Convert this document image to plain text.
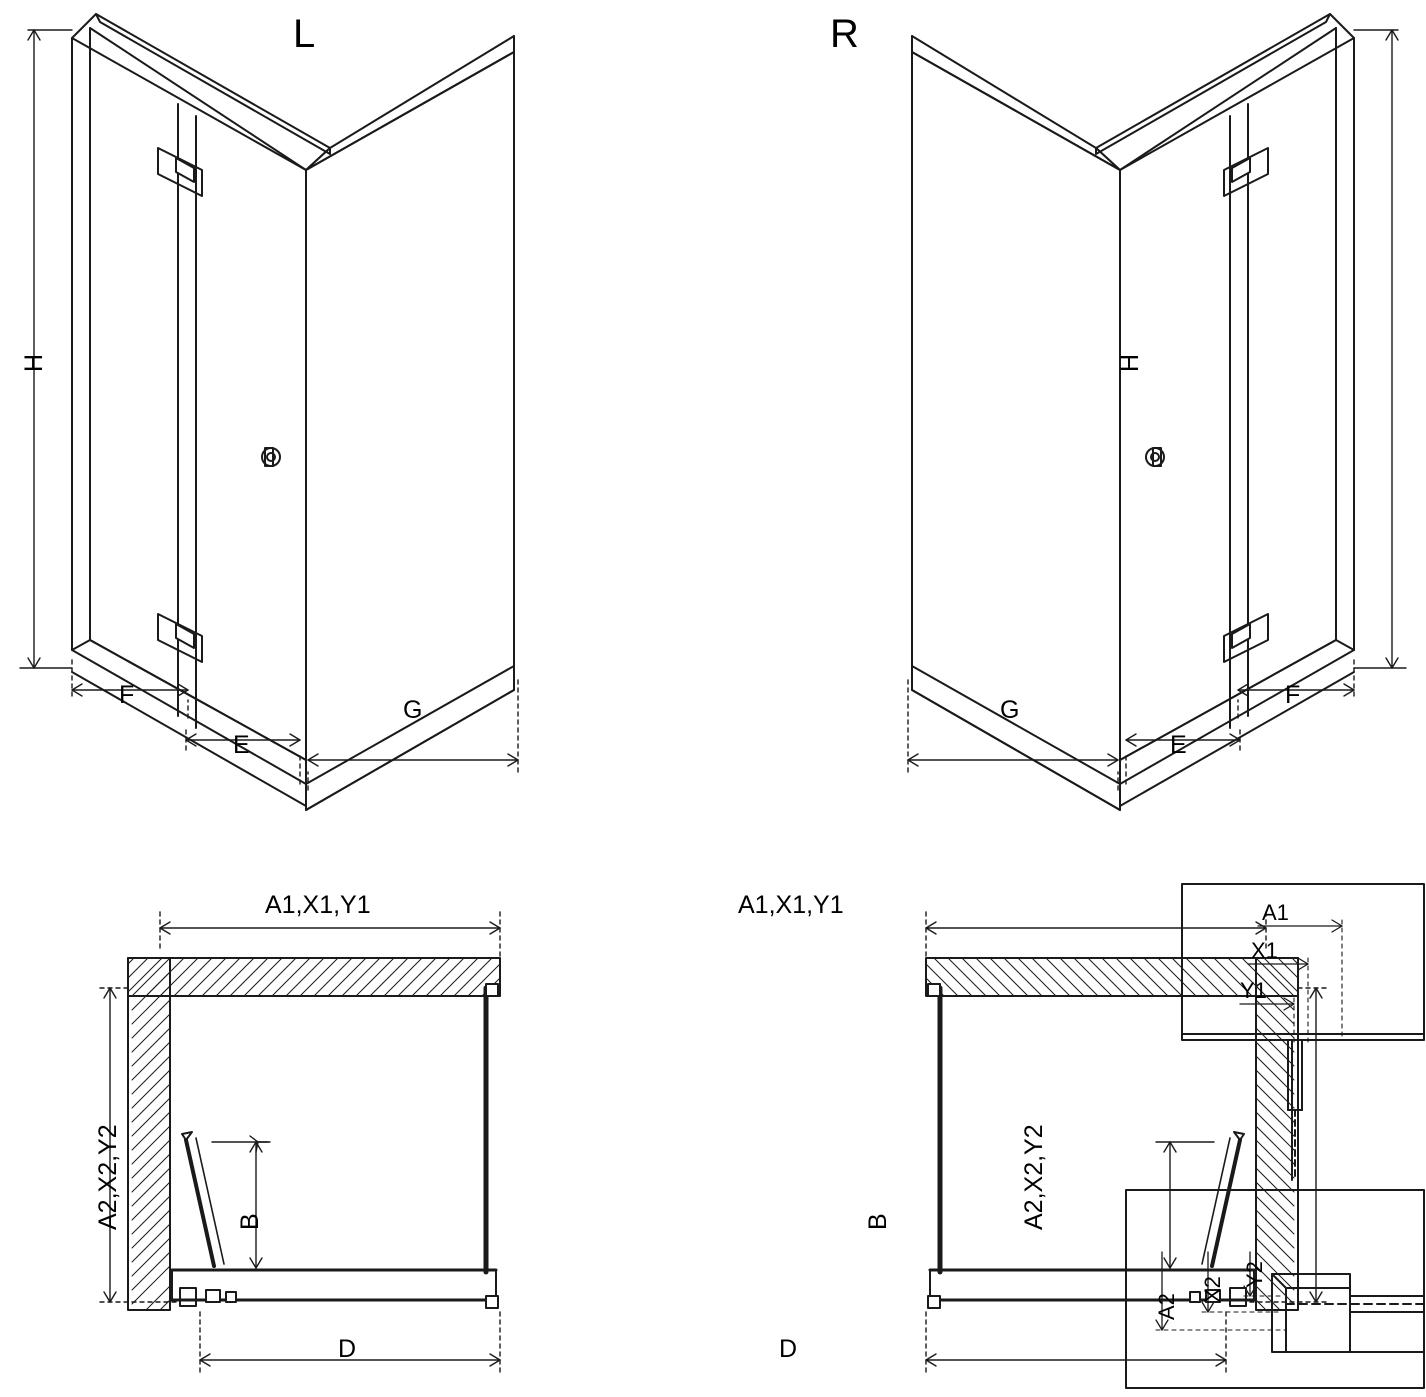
L	R
H	H
F
E
G
F
E
G
A1,X1,Y1
A2,X2,Y2	B
D
A1,X1,Y1
A2,X2,Y2
B
D
A1
X1
Y1
A2
X2
Y2
